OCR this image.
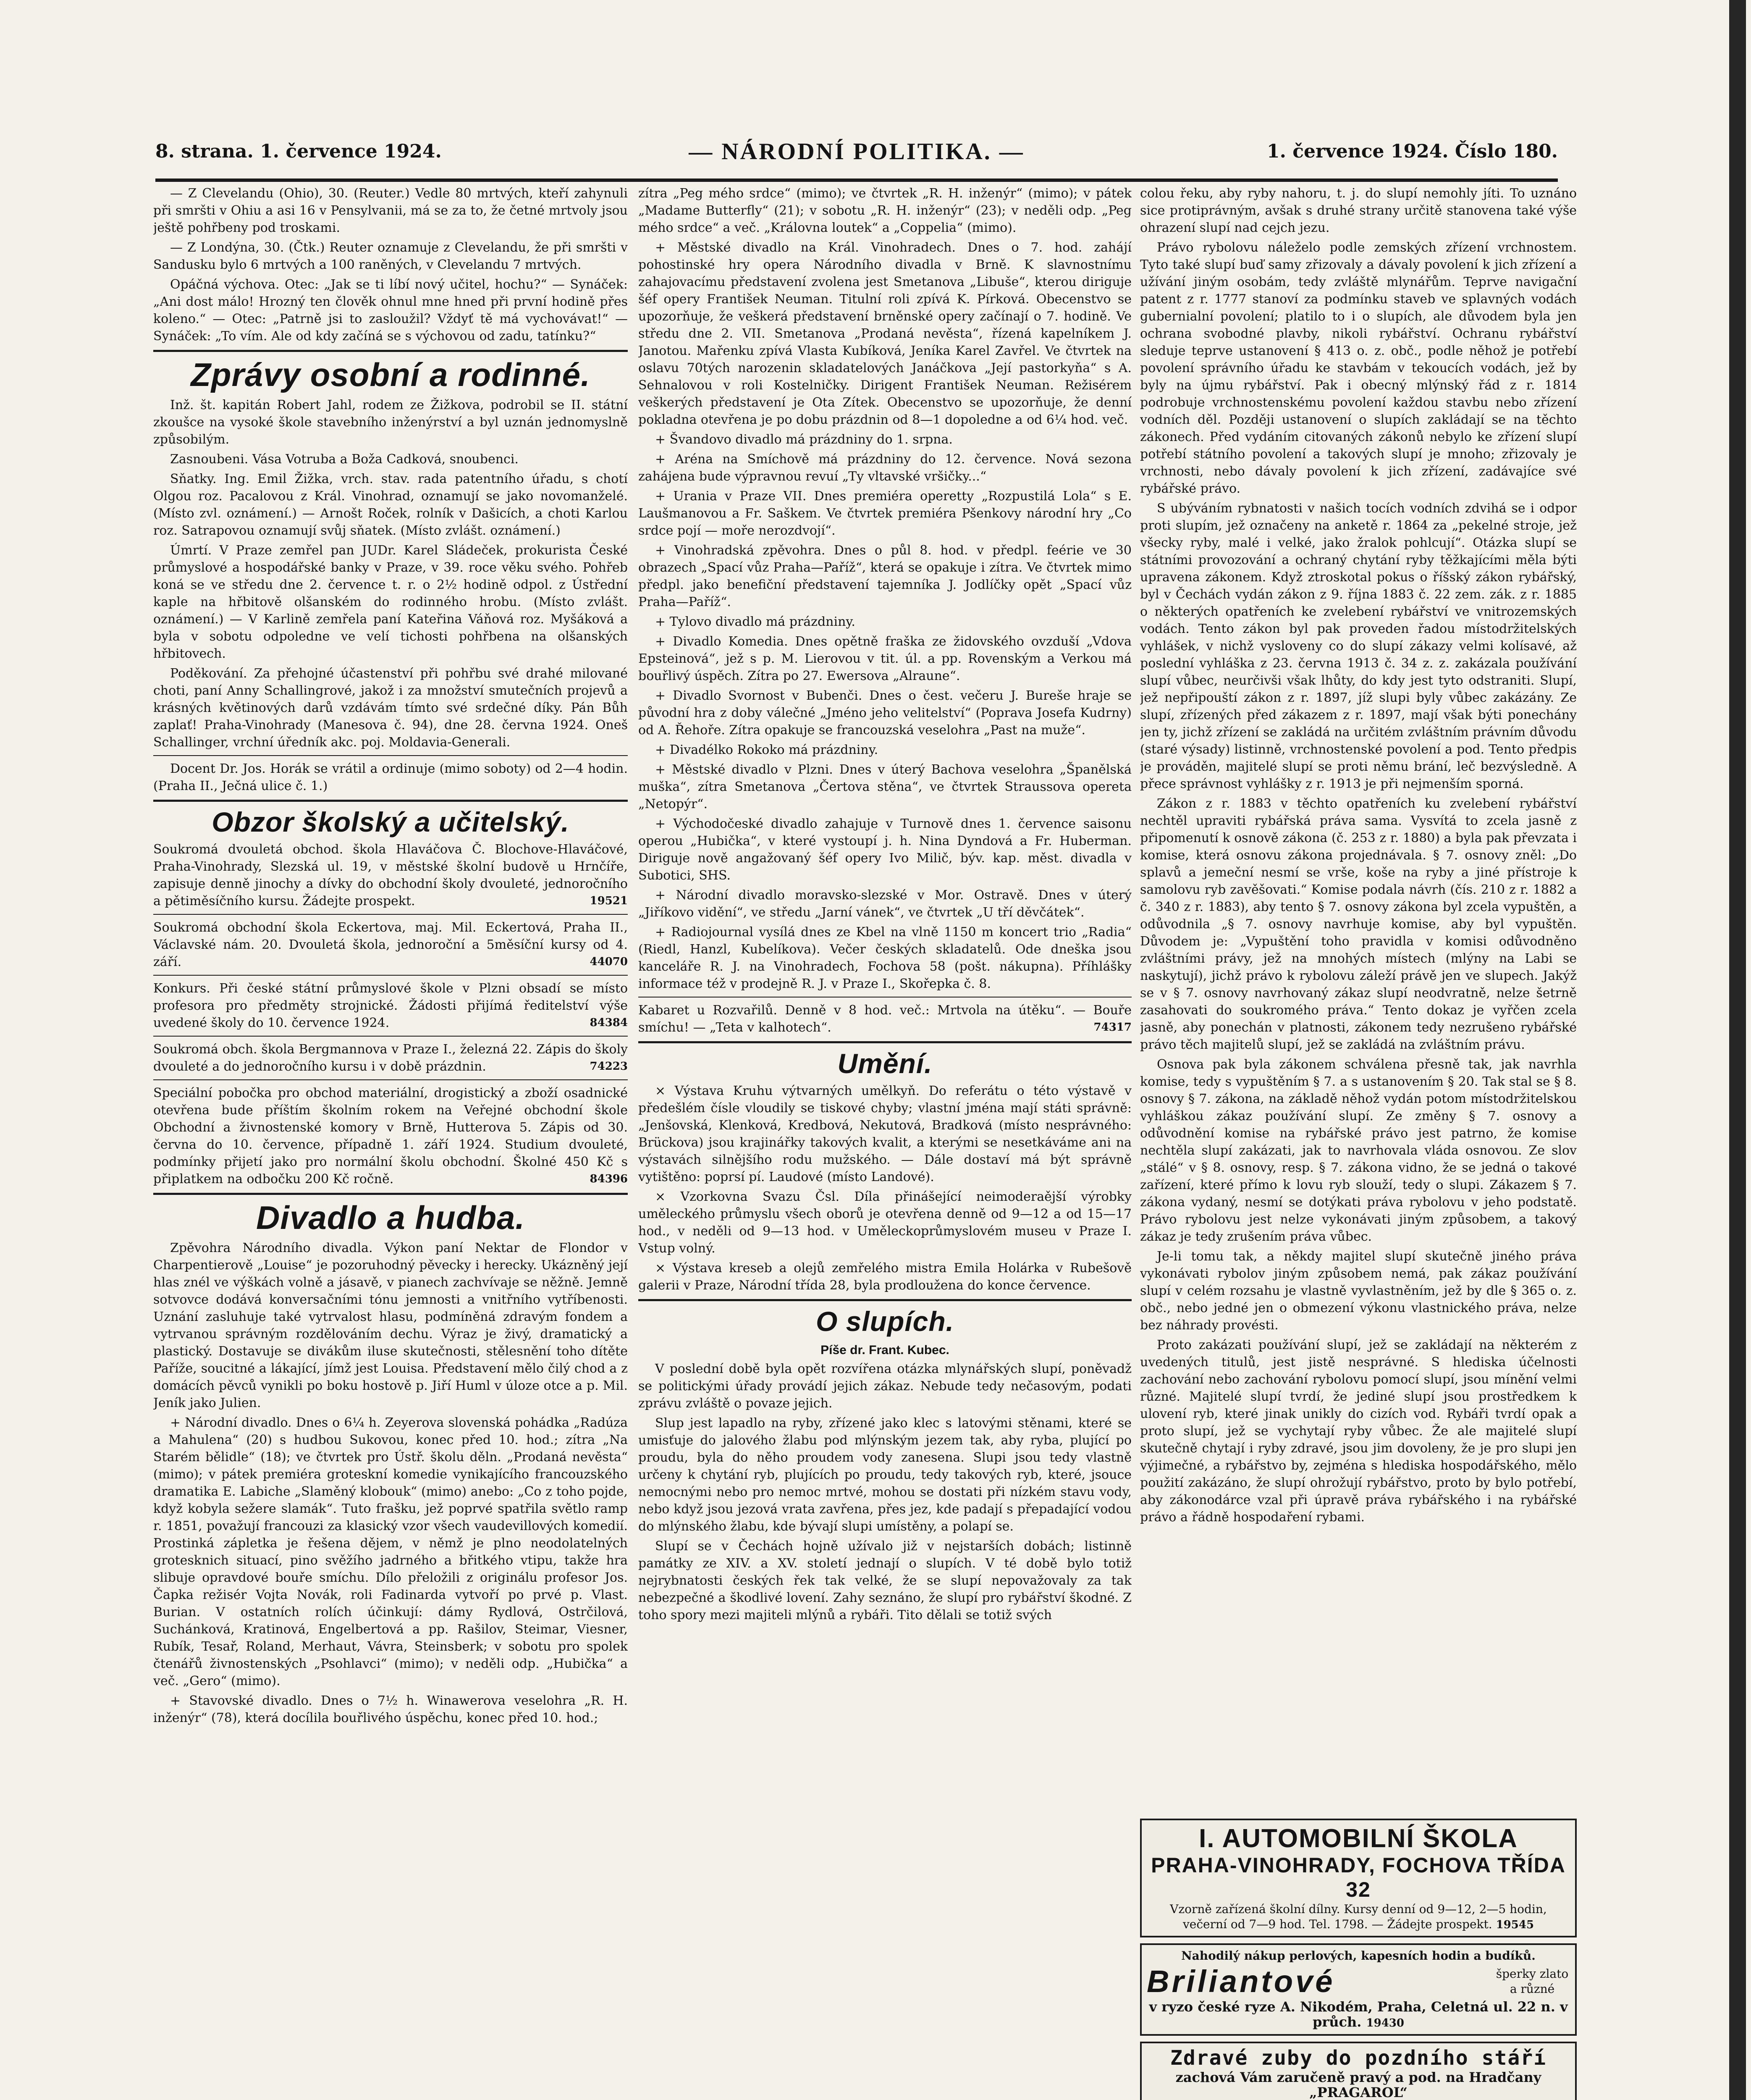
8. strana. 1. července 1924.	— NÁRODNÍ POLITIKA. —	1. července 1924. Číslo 180.

— Z Clevelandu (Ohio), 30. (Reuter.) Vedle 80 mrtvých, kteří zahynuli při smršti v Ohiu a asi 16 v Pensylvanii, má se za to, že četné mrtvoly jsou ještě pohřbeny pod troskami.

— Z Londýna, 30. (Čtk.) Reuter oznamuje z Clevelandu, že při smršti v Sandusku bylo 6 mrtvých a 100 raněných, v Clevelandu 7 mrtvých.

Opáčná výchova. Otec: „Jak se ti líbí nový učitel, hochu?“ — Synáček: „Ani dost málo! Hrozný ten člověk ohnul mne hned při první hodině přes koleno.“ — Otec: „Patrně jsi to zasloužil? Vždyť tě má vychovávat!“ — Synáček: „To vím. Ale od kdy začíná se s výchovou od zadu, tatínku?“

Zprávy osobní a rodinné.

Inž. št. kapitán Robert Jahl, rodem ze Žižkova, podrobil se II. státní zkoušce na vysoké škole stavebního inženýrství a byl uznán jednomyslně způsobilým.

Zasnoubeni. Vása Votruba a Boža Cadková, snoubenci.

Sňatky. Ing. Emil Žižka, vrch. stav. rada patentního úřadu, s chotí Olgou roz. Pacalovou z Král. Vinohrad, oznamují se jako novomanželé. (Místo zvl. oznámení.) — Arnošt Roček, rolník v Dašicích, a choti Karlou roz. Satrapovou oznamují svůj sňatek. (Místo zvlášt. oznámení.)

Úmrtí. V Praze zemřel pan JUDr. Karel Sládeček, prokurista České průmyslové a hospodářské banky v Praze, v 39. roce věku svého. Pohřeb koná se ve středu dne 2. července t. r. o 2½ hodině odpol. z Ústřední kaple na hřbitově olšanském do rodinného hrobu. (Místo zvlášt. oznámení.) — V Karlině zemřela paní Kateřina Váňová roz. Myšáková a byla v sobotu odpoledne ve velí tichosti pohřbena na olšanských hřbitovech.

Poděkování. Za přehojné účastenství při pohřbu své drahé milované choti, paní Anny Schallingrové, jakož i za množství smutečních projevů a krásných květinových darů vzdávám tímto své srdečné díky. Pán Bůh zaplať! Praha-Vinohrady (Manesova č. 94), dne 28. června 1924. Oneš Schallinger, vrchní úředník akc. poj. Moldavia-Generali.

Docent Dr. Jos. Horák se vrátil a ordinuje (mimo soboty) od 2—4 hodin. (Praha II., Ječná ulice č. 1.)

Obzor školský a učitelský.

Soukromá dvouletá obchod. škola Hlaváčova Č. Blochove-Hlaváčové, Praha-Vinohrady, Slezská ul. 19, v městské školní budově u Hrnčíře, zapisuje denně jinochy a dívky do obchodní školy dvouleté, jednoročního a pětiměsíčního kursu. Žádejte prospekt.	19521

Soukromá obchodní škola Eckertova, maj. Mil. Eckertová, Praha II., Václavské nám. 20. Dvouletá škola, jednoroční a 5měsíční kursy od 4. září.	44070

Konkurs. Při české státní průmyslové škole v Plzni obsadí se místo profesora pro předměty strojnické. Žádosti přijímá ředitelství výše uvedené školy do 10. července 1924.	84384

Soukromá obch. škola Bergmannova v Praze I., železná 22. Zápis do školy dvouleté a do jednoročního kursu i v době prázdnin.	74223

Speciální pobočka pro obchod materiální, drogistický a zboží osadnické otevřena bude příštím školním rokem na Veřejné obchodní škole Obchodní a živnostenské komory v Brně, Hutterova 5. Zápis od 30. června do 10. července, případně 1. září 1924. Studium dvouleté, podmínky přijetí jako pro normální školu obchodní. Školné 450 Kč s připlatkem na odbočku 200 Kč ročně.	84396

Divadlo a hudba.

Zpěvohra Národního divadla. Výkon paní Nektar de Flondor v Charpentierově „Louise“ je pozoruhodný pěvecky i herecky. Ukázněný její hlas znél ve výškách volně a jásavě, v pianech zachvívaje se něžně. Jemně sotvovce dodává konversačními tónu jemnosti a vnitřního vytříbenosti. Uznání zasluhuje také vytrvalost hlasu, podmíněná zdravým fondem a vytrvanou správným rozdělováním dechu. Výraz je živý, dramatický a plastický. Dostavuje se divákům iluse skutečnosti, stělesnění toho dítěte Paříže, soucitné a lákající, jímž jest Louisa. Představení mělo čilý chod a z domácích pěvců vynikli po boku hostově p. Jiří Huml v úloze otce a p. Mil. Jeník jako Julien.

+ Národní divadlo. Dnes o 6¼ h. Zeyerova slovenská pohádka „Radúza a Mahulena“ (20) s hudbou Sukovou, konec před 10. hod.; zítra „Na Starém bělidle“ (18); ve čtvrtek pro Ústř. školu děln. „Prodaná nevěsta“ (mimo); v pátek premiéra groteskní komedie vynikajícího francouzského dramatika E. Labiche „Slaměný klobouk“ (mimo) anebo: „Co z toho pojde, když kobyla sežere slamák“. Tuto frašku, jež poprvé spatřila světlo ramp r. 1851, považují francouzi za klasický vzor všech vaudevillových komedií. Prostinká zápletka je řešena dějem, v němž je plno neodolatelných grotesknich situací, pino svěžího jadrného a břitkého vtipu, takže hra slibuje opravdové bouře smíchu. Dílo přeložili z originálu profesor Jos. Čapka režisér Vojta Novák, roli Fadinarda vytvoří po prvé p. Vlast. Burian. V ostatních rolích účinkují: dámy Rydlová, Ostrčilová, Suchánková, Kratinová, Engelbertová a pp. Rašilov, Steimar, Viesner, Rubík, Tesař, Roland, Merhaut, Vávra, Steinsberk; v sobotu pro spolek čtenářů živnostenských „Psohlavci“ (mimo); v neděli odp. „Hubička“ a več. „Gero“ (mimo).

+ Stavovské divadlo. Dnes o 7½ h. Winawerova veselohra „R. H. inženýr“ (78), která docílila bouřlivého úspěchu, konec před 10. hod.;

zítra „Peg mého srdce“ (mimo); ve čtvrtek „R. H. inženýr“ (mimo); v pátek „Madame Butterfly“ (21); v sobotu „R. H. inženýr“ (23); v neděli odp. „Peg mého srdce“ a več. „Královna loutek“ a „Coppelia“ (mimo).

+ Městské divadlo na Král. Vinohradech. Dnes o 7. hod. zahájí pohostinské hry opera Národního divadla v Brně. K slavnostnímu zahajovacímu představení zvolena jest Smetanova „Libuše“, kterou diriguje šéf opery František Neuman. Titulní roli zpívá K. Pírková. Obecenstvo se upozorňuje, že veškerá představení brněnské opery začínají o 7. hodině. Ve středu dne 2. VII. Smetanova „Prodaná nevěsta“, řízená kapelníkem J. Janotou. Mařenku zpívá Vlasta Kubíková, Jeníka Karel Zavřel. Ve čtvrtek na oslavu 70tých narozenin skladatelových Janáčkova „Její pastorkyňa“ s A. Sehnalovou v roli Kostelničky. Dirigent František Neuman. Režisérem veškerých představení je Ota Zítek. Obecenstvo se upozorňuje, že denní pokladna otevřena je po dobu prázdnin od 8—1 dopoledne a od 6¼ hod. več.

+ Švandovo divadlo má prázdniny do 1. srpna.

+ Aréna na Smíchově má prázdniny do 12. července. Nová sezona zahájena bude výpravnou revuí „Ty vltavské vršičky...“

+ Urania v Praze VII. Dnes premiéra operetty „Rozpustilá Lola“ s E. Laušmanovou a Fr. Saškem. Ve čtvrtek premiéra Pšenkovy národní hry „Co srdce pojí — moře nerozdvojí“.

+ Vinohradská zpěvohra. Dnes o půl 8. hod. v předpl. feérie ve 30 obrazech „Spací vůz Praha—Paříž“, která se opakuje i zítra. Ve čtvrtek mimo předpl. jako benefiční představení tajemníka J. Jodlíčky opět „Spací vůz Praha—Paříž“.

+ Tylovo divadlo má prázdniny.

+ Divadlo Komedia. Dnes opětně fraška ze židovského ovzduší „Vdova Epsteinová“, jež s p. M. Lierovou v tit. úl. a pp. Rovenským a Verkou má bouřlivý úspěch. Zítra po 27. Ewersova „Alraune“.

+ Divadlo Svornost v Bubenči. Dnes o čest. večeru J. Bureše hraje se původní hra z doby válečné „Jméno jeho velitelství“ (Poprava Josefa Kudrny) od A. Řehoře. Zítra opakuje se francouzská veselohra „Past na muže“.

+ Divadélko Rokoko má prázdniny.

+ Městské divadlo v Plzni. Dnes v úterý Bachova veselohra „Španělská muška“, zítra Smetanova „Čertova stěna“, ve čtvrtek Straussova opereta „Netopýr“.

+ Východočeské divadlo zahajuje v Turnově dnes 1. července saisonu operou „Hubička“, v které vystoupí j. h. Nina Dyndová a Fr. Huberman. Diriguje nově angažovaný šéf opery Ivo Milič, býv. kap. měst. divadla v Subotici, SHS.

+ Národní divadlo moravsko-slezské v Mor. Ostravě. Dnes v úterý „Jiříkovo vidění“, ve středu „Jarní vánek“, ve čtvrtek „U tří děvčátek“.

+ Radiojournal vysílá dnes ze Kbel na vlně 1150 m koncert trio „Radia“ (Riedl, Hanzl, Kubelíkova). Večer českých skladatelů. Ode dneška jsou kanceláře R. J. na Vinohradech, Fochova 58 (pošt. nákupna). Příhlášky informace též v prodejně R. J. v Praze I., Skořepka č. 8.

Kabaret u Rozvařilů. Denně v 8 hod. več.: Mrtvola na útěku“. — Bouře smíchu! — „Teta v kalhotech“.	74317

Umění.

× Výstava Kruhu výtvarných umělkyň. Do referátu o této výstavě v předešlém čísle vloudily se tiskové chyby; vlastní jména mají státi správně: „Jenšovská, Klenková, Kredbová, Nekutová, Bradková (místo nesprávného: Brückova) jsou krajinářky takových kvalit, a kterými se nesetkáváme ani na výstavách silnějšího rodu mužského. — Dále dostaví má být správně vytištěno: poprsí pí. Laudové (místo Landové).

× Vzorkovna Svazu Čsl. Díla přinášející neimoderaější výrobky uměleckého průmyslu všech oborů je otevřena denně od 9—12 a od 15—17 hod., v neděli od 9—13 hod. v Uměleckoprůmyslovém museu v Praze I. Vstup volný.

× Výstava kreseb a olejů zemřelého mistra Emila Holárka v Rubešově galerii v Praze, Národní třída 28, byla prodloužena do konce července.

O slupích.
Píše dr. Frant. Kubec.

V poslední době byla opět rozvířena otázka mlynářských slupí, poněvadž se politickými úřady provádí jejich zákaz. Nebude tedy nečasovým, podati zprávu zvláště o povaze jejich.

Slup jest lapadlo na ryby, zřízené jako klec s latovými stěnami, které se umisťuje do jalového žlabu pod mlýnským jezem tak, aby ryba, plující po proudu, byla do něho proudem vody zanesena. Slupi jsou tedy vlastně určeny k chytání ryb, plujících po proudu, tedy takových ryb, které, jsouce nemocnými nebo pro nemoc mrtvé, mohou se dostati při nízkém stavu vody, nebo když jsou jezová vrata zavřena, přes jez, kde padají s přepadající vodou do mlýnského žlabu, kde bývají slupi umístěny, a polapí se.

Slupí se v Čechách hojně užívalo již v nejstarších dobách; listinně památky ze XIV. a XV. století jednají o slupích. V té době bylo totiž nejrybnatosti českých řek tak velké, že se slupí nepovažovaly za tak nebezpečné a škodlivé lovení. Zahy seznáno, že slupí pro rybářství škodné. Z toho spory mezi majiteli mlýnů a rybáři. Tito dělali se totiž svých

colou řeku, aby ryby nahoru, t. j. do slupí nemohly jíti. To uznáno sice protiprávným, avšak s druhé strany určitě stanovena také výše ohrazení slupí nad cejch jezu.

Právo rybolovu náleželo podle zemských zřízení vrchnostem. Tyto také slupí buď samy zřizovaly a dávaly povolení k jich zřízení a užívání jiným osobám, tedy zvláště mlynářům. Teprve navigační patent z r. 1777 stanoví za podmínku staveb ve splavných vodách gubernialní povolení; platilo to i o slupích, ale důvodem byla jen ochrana svobodné plavby, nikoli rybářství. Ochranu rybářství sleduje teprve ustanovení § 413 o. z. obč., podle něhož je potřebí povolení správního úřadu ke stavbám v tekoucích vodách, jež by byly na újmu rybářství. Pak i obecný mlýnský řád z r. 1814 podrobuje vrchnostenskému povolení každou stavbu nebo zřízení vodních děl. Později ustanovení o slupích zakládají se na těchto zákonech. Před vydáním citovaných zákonů nebylo ke zřízení slupí potřebí státního povolení a takových slupí je mnoho; zřizovaly je vrchnosti, nebo dávaly povolení k jich zřízení, zadávajíce své rybářské právo.

S ubýváním rybnatosti v našich tocích vodních zdvihá se i odpor proti slupím, jež označeny na anketě r. 1864 za „pekelné stroje, jež všecky ryby, malé i velké, jako žralok pohlcují“. Otázka slupí se státními provozování a ochraný chytání ryby těžkajícími měla býti upravena zákonem. Když ztroskotal pokus o říšský zákon rybářský, byl v Čechách vydán zákon z 9. října 1883 č. 22 zem. zák. z r. 1885 o některých opatřeních ke zvelebení rybářství ve vnitrozemských vodách. Tento zákon byl pak proveden řadou místodržitelských vyhlášek, v nichž vysloveny co do slupí zákazy velmi kolísavé, až poslední vyhláška z 23. června 1913 č. 34 z. z. zakázala používání slupí vůbec, neurčivši však lhůty, do kdy jest tyto odstraniti. Slupí, jež nepřipouští zákon z r. 1897, jíž slupi byly vůbec zakázány. Ze slupí, zřízených před zákazem z r. 1897, mají však býti ponechány jen ty, jichž zřízení se zakládá na určitém zvláštním právním důvodu (staré výsady) listinně, vrchnostenské povolení a pod. Tento předpis je prováděn, majitelé slupí se proti němu brání, leč bezvýsledně. A přece správnost vyhlášky z r. 1913 je při nejmenším sporná.

Zákon z r. 1883 v těchto opatřeních ku zvelebení rybářství nechtěl upraviti rybářská práva sama. Vysvítá to zcela jasně z připomenutí k osnově zákona (č. 253 z r. 1880) a byla pak převzata i komise, která osnovu zákona projednávala. § 7. osnovy zněl: „Do splavů a jemeční nesmí se vrše, koše na ryby a jiné přístroje k samolovu ryb zavěšovati.“ Komise podala návrh (čís. 210 z r. 1882 a č. 340 z r. 1883), aby tento § 7. osnovy zákona byl zcela vypuštěn, a odůvodnila „§ 7. osnovy navrhuje komise, aby byl vypuštěn. Důvodem je: „Vypuštění toho pravidla v komisi odůvodněno zvláštními právy, jež na mnohých místech (mlýny na Labi se naskytují), jichž právo k rybolovu záleží právě jen ve slupech. Jakýž se v § 7. osnovy navrhovaný zákaz slupí neodvratně, nelze šetrně zasahovati do soukromého práva.“ Tento dokaz je vyřčen zcela jasně, aby ponechán v platnosti, zákonem tedy nezrušeno rybářské právo těch majitelů slupí, jež se zakládá na zvláštním právu.

Osnova pak byla zákonem schválena přesně tak, jak navrhla komise, tedy s vypuštěním § 7. a s ustanovením § 20. Tak stal se § 8. osnovy § 7. zákona, na základě něhož vydán potom místodržitelskou vyhláškou zákaz používání slupí. Ze změny § 7. osnovy a odůvodnění komise na rybářské právo jest patrno, že komise nechtěla slupí zakázati, jak to navrhovala vláda osnovou. Ze slov „stálé“ v § 8. osnovy, resp. § 7. zákona vidno, že se jedná o takové zařízení, které přímo k lovu ryb slouží, tedy o slupi. Zákazem § 7. zákona vydaný, nesmí se dotýkati práva rybolovu v jeho podstatě. Právo rybolovu jest nelze vykonávati jiným způsobem, a takový zákaz je tedy zrušením práva vůbec.

Je-li tomu tak, a někdy majitel slupí skutečně jiného práva vykonávati rybolov jiným způsobem nemá, pak zákaz používání slupí v celém rozsahu je vlastně vyvlastněním, jež by dle § 365 o. z. obč., nebo jedné jen o obmezení výkonu vlastnického práva, nelze bez náhrady provésti.

Proto zakázati používání slupí, jež se zakládají na některém z uvedených titulů, jest jistě nesprávné. S hlediska účelnosti zachování nebo zachování rybolovu pomocí slupí, jsou mínění velmi různé. Majitelé slupí tvrdí, že jediné slupí jsou prostředkem k ulovení ryb, které jinak unikly do cizích vod. Rybáři tvrdí opak a proto slupí, jež se vychytají ryby vůbec. Že ale majitelé slupí skutečně chytají i ryby zdravé, jsou jim dovoleny, že je pro slupi jen výjimečné, a rybářstvo by, zejména s hlediska hospodářského, mělo použití zakázáno, že slupí ohrožují rybářstvo, proto by bylo potřebí, aby zákonodárce vzal při úpravě práva rybářského i na rybářské právo a řádně hospodaření rybami.

I. AUTOMOBILNÍ ŠKOLA
PRAHA-VINOHRADY, FOCHOVA TŘÍDA 32
Vzorně zařízená školní dílny. Kursy denní od 9—12, 2—5 hodin, večerní od 7—9 hod. Tel. 1798. — Žádejte prospekt. 19545
Nahodilý nákup perlových, kapesních hodin a budíků.
Briliantové	šperky zlato a různé
v ryzo české ryze A. Nikodém, Praha, Celetná ul. 22 n. v průch. 19430
Zdravé zuby do pozdního stáří
zachová Vám zaručeně pravý a pod. na Hradčany „PRAGAROL“
